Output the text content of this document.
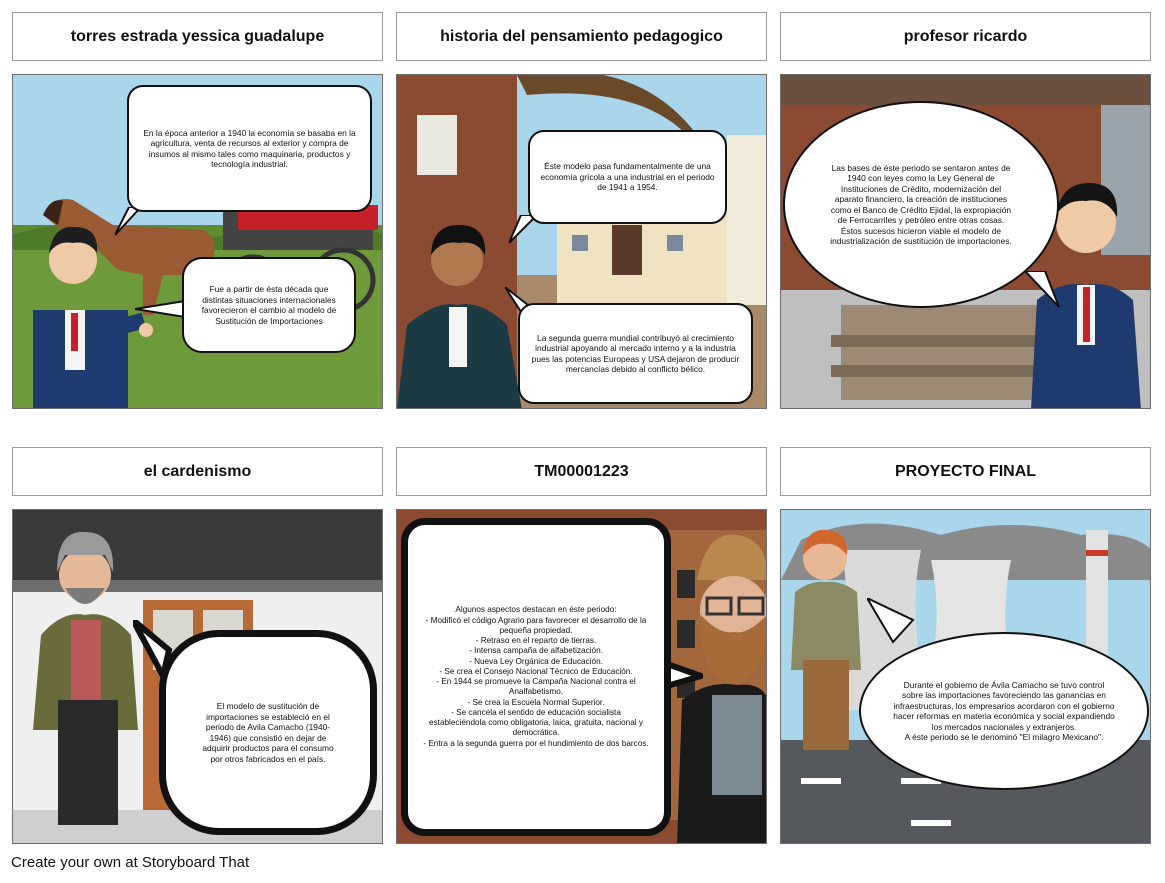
torres estrada yessica guadalupe	historia del pensamiento pedagogico	profesor ricardo
el cardenismo	TM00001223	PROYECTO FINAL
En la época anterior a 1940 la economía se basaba en la agricultura, venta de recursos al exterior y compra de insumos al mismo tales como maquinaria, productos y tecnología industrial.
Fue a partir de ésta década que distintas situaciones internacionales favorecieron el cambio al modelo de Sustitución de Importaciones
Éste modelo pasa fundamentalmente de una economía grícola a una industrial en el periodo de 1941 a 1954.
La segunda guerra mundial contribuyó al crecimiento industrial apoyando al mercado interno y a la industria pues las potencias Europeas y USA dejaron de producir mercancías debido al conflicto bélico.
Las bases de éste periodo se sentaron antes de 1940 con leyes como la Ley General de Instituciones de Crédito, modernización del aparato financiero, la creación de instituciones como el Banco de Crédito Ejidal, la expropiación de Ferrocarriles y petróleo entre otras cosas.
Éstos sucesos hicieron viable el modelo de industrialización de sustitución de importaciones.
El modelo de sustitución de importaciones se estableció en el periodo de Avila Camacho (1940-1946) que consistió en dejar de adquirir productos para el consumo por otros fabricados en el país.
Algunos aspectos destacan en éste periodo:
- Modificó el código Agrario para favorecer el desarrollo de la pequeña propiedad.
- Retraso en el reparto de tierras.
- Intensa campaña de alfabetización.
- Nueva Ley Orgánica de Educación.
- Se crea el Consejo Nacional Técnico de Educación.
- En 1944 se promueve la Campaña Nacional contra el Analfabetismo.
- Se crea la Escuela Normal Superior.
- Se cancela el sentido de educación socialista estableciéndola como obligatoria, laica, gratuita, nacional y democrática.
- Entra a la segunda guerra por el hundimiento de dos barcos.
Durante el gobierno de Ávila Camacho se tuvo control sobre las importaciones favoreciendo las ganancias en infraestructuras, los empresarios acordaron con el gobierno hacer reformas en materia económica y social expandiendo los mercados nacionales y extranjeros.
A éste periodo se le denominó "El milagro Mexicano".
Create your own at Storyboard That
